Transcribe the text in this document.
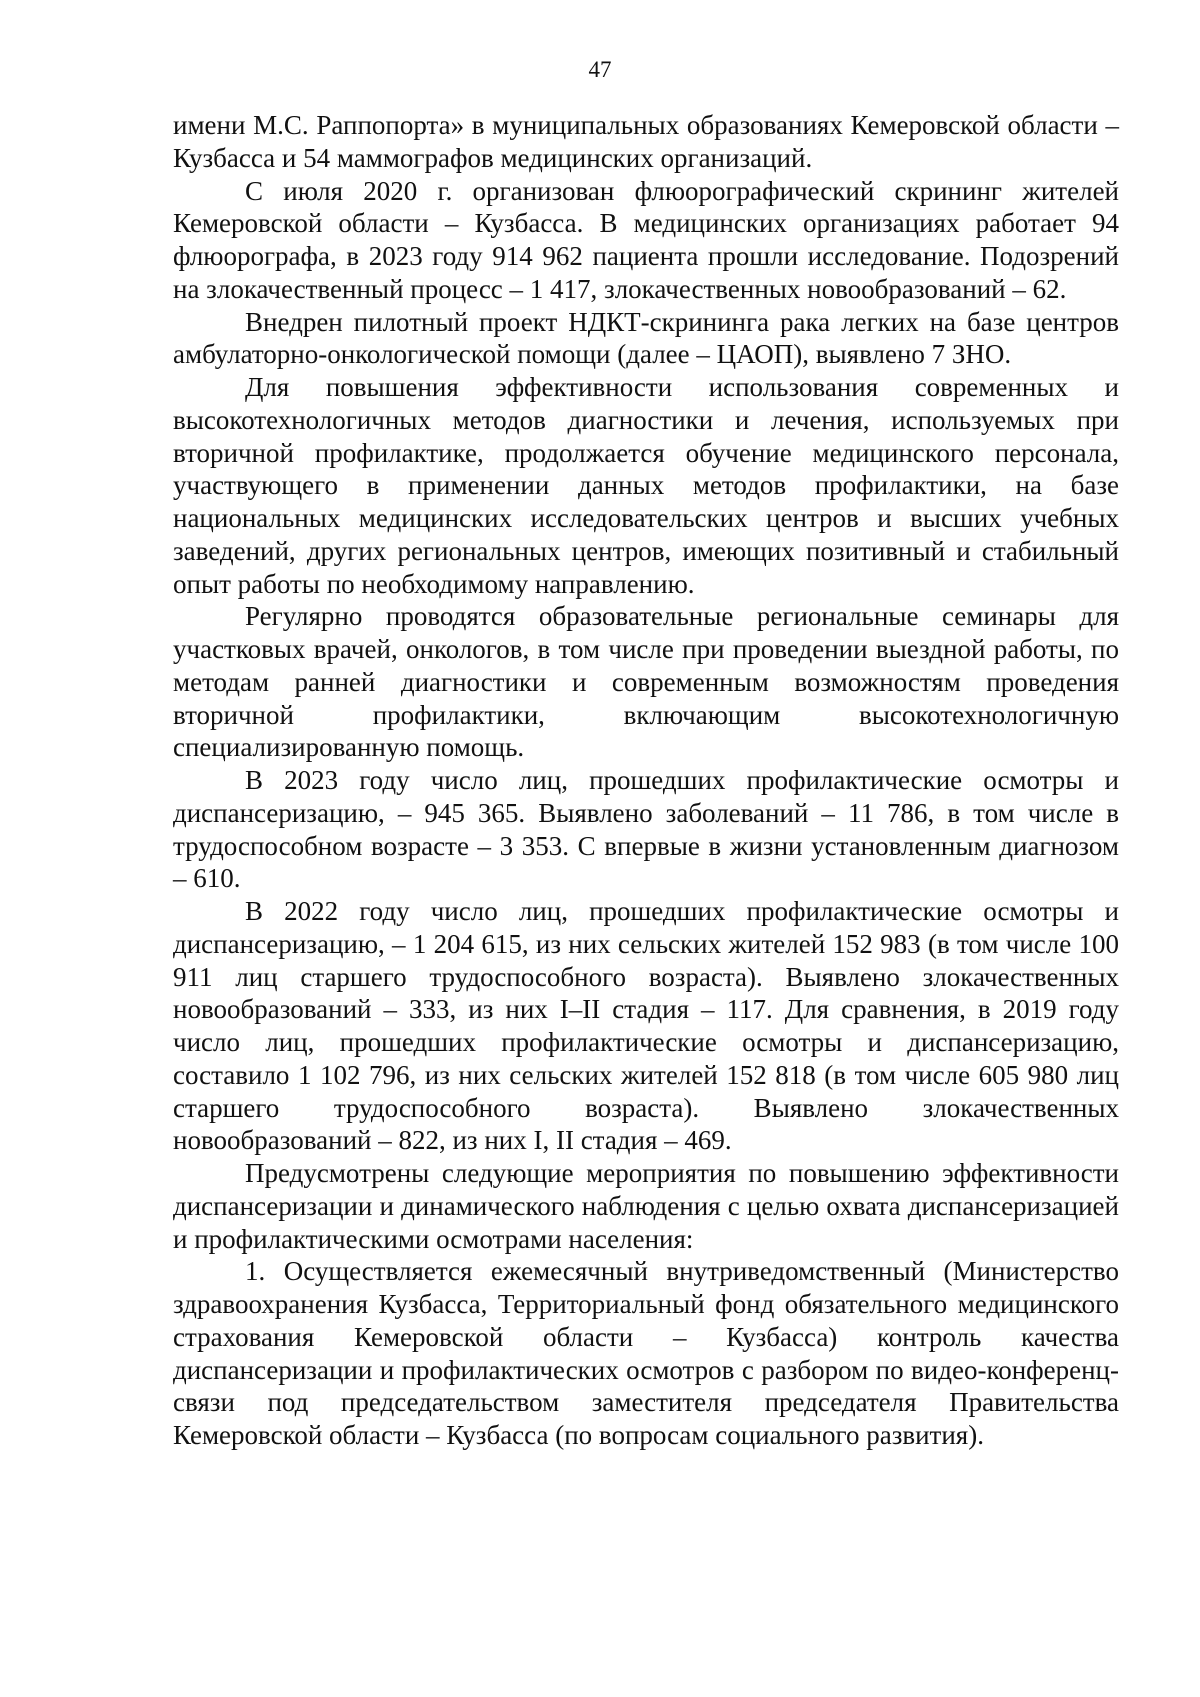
47

имени М.С. Раппопорта» в муниципальных образованиях Кемеровской области – Кузбасса и 54 маммографов медицинских организаций.

С июля 2020 г. организован флюорографический скрининг жителей Кемеровской области – Кузбасса. В медицинских организациях работает 94 флюорографа, в 2023 году 914 962 пациента прошли исследование. Подозрений на злокачественный процесс – 1 417, злокачественных новообразований – 62.

Внедрен пилотный проект НДКТ-скрининга рака легких на базе центров амбулаторно-онкологической помощи (далее – ЦАОП), выявлено 7 ЗНО.

Для повышения эффективности использования современных и высокотехнологичных методов диагностики и лечения, используемых при вторичной профилактике, продолжается обучение медицинского персонала, участвующего в применении данных методов профилактики, на базе национальных медицинских исследовательских центров и высших учебных заведений, других региональных центров, имеющих позитивный и стабильный опыт работы по необходимому направлению.

Регулярно проводятся образовательные региональные семинары для участковых врачей, онкологов, в том числе при проведении выездной работы, по методам ранней диагностики и современным возможностям проведения вторичной профилактики, включающим высокотехнологичную специализированную помощь.

В 2023 году число лиц, прошедших профилактические осмотры и диспансеризацию, – 945 365. Выявлено заболеваний – 11 786, в том числе в трудоспособном возрасте – 3 353. С впервые в жизни установленным диагнозом – 610.

В 2022 году число лиц, прошедших профилактические осмотры и диспансеризацию, – 1 204 615, из них сельских жителей 152 983 (в том числе 100 911 лиц старшего трудоспособного возраста). Выявлено злокачественных новообразований – 333, из них I–II стадия – 117. Для сравнения, в 2019 году число лиц, прошедших профилактические осмотры и диспансеризацию, составило 1 102 796, из них сельских жителей 152 818 (в том числе 605 980 лиц старшего трудоспособного возраста). Выявлено злокачественных новообразований – 822, из них I, II стадия – 469.

Предусмотрены следующие мероприятия по повышению эффективности диспансеризации и динамического наблюдения с целью охвата диспансеризацией и профилактическими осмотрами населения:

1. Осуществляется ежемесячный внутриведомственный (Министерство здравоохранения Кузбасса, Территориальный фонд обязательного медицинского страхования Кемеровской области – Кузбасса) контроль качества диспансеризации и профилактических осмотров с разбором по видео-конференц-связи под председательством заместителя председателя Правительства Кемеровской области – Кузбасса (по вопросам социального развития).
